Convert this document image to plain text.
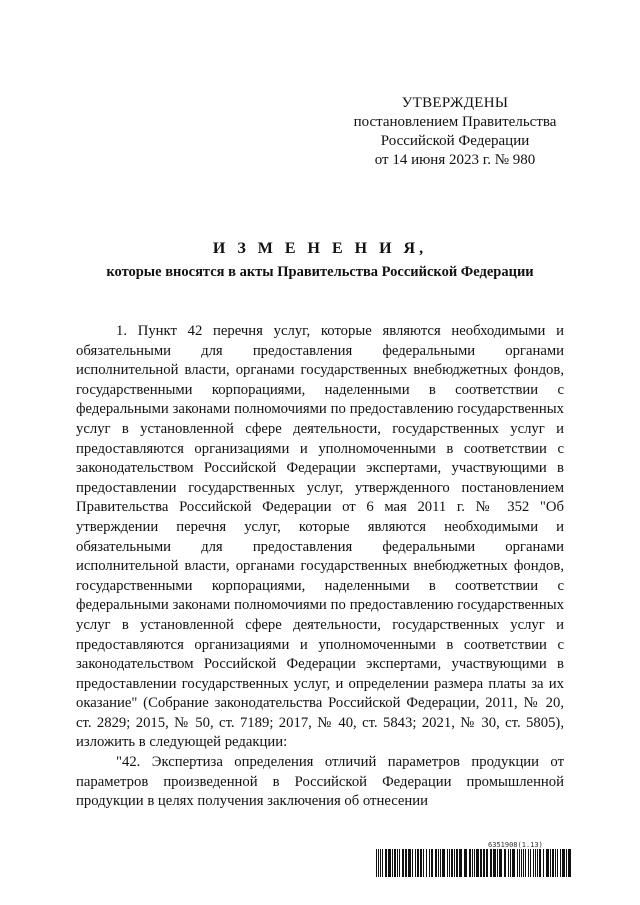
УТВЕРЖДЕНЫ
постановлением Правительства
Российской Федерации
от 14 июня 2023 г. № 980
И З М Е Н Е Н И Я,
которые вносятся в акты Правительства Российской Федерации

1. Пункт 42 перечня услуг, которые являются необходимыми и обязательными для предоставления федеральными органами исполнительной власти, органами государственных внебюджетных фондов, государственными корпорациями, наделенными в соответствии с федеральными законами полномочиями по предоставлению государственных услуг в установленной сфере деятельности, государственных услуг и предоставляются организациями и уполномоченными в соответствии с законодательством Российской Федерации экспертами, участвующими в предоставлении государственных услуг, утвержденного постановлением Правительства Российской Федерации от 6 мая 2011 г. № 352 "Об утверждении перечня услуг, которые являются необходимыми и обязательными для предоставления федеральными органами исполнительной власти, органами государственных внебюджетных фондов, государственными корпорациями, наделенными в соответствии с федеральными законами полномочиями по предоставлению государственных услуг в установленной сфере деятельности, государственных услуг и предоставляются организациями и уполномоченными в соответствии с законодательством Российской Федерации экспертами, участвующими в предоставлении государственных услуг, и определении размера платы за их оказание" (Собрание законодательства Российской Федерации, 2011, № 20, ст. 2829; 2015, № 50, ст. 7189; 2017, № 40, ст. 5843; 2021, № 30, ст. 5805), изложить в следующей редакции:

"42. Экспертиза определения отличий параметров продукции от параметров произведенной в Российской Федерации промышленной продукции в целях получения заключения об отнесении

6351908(1.13)
